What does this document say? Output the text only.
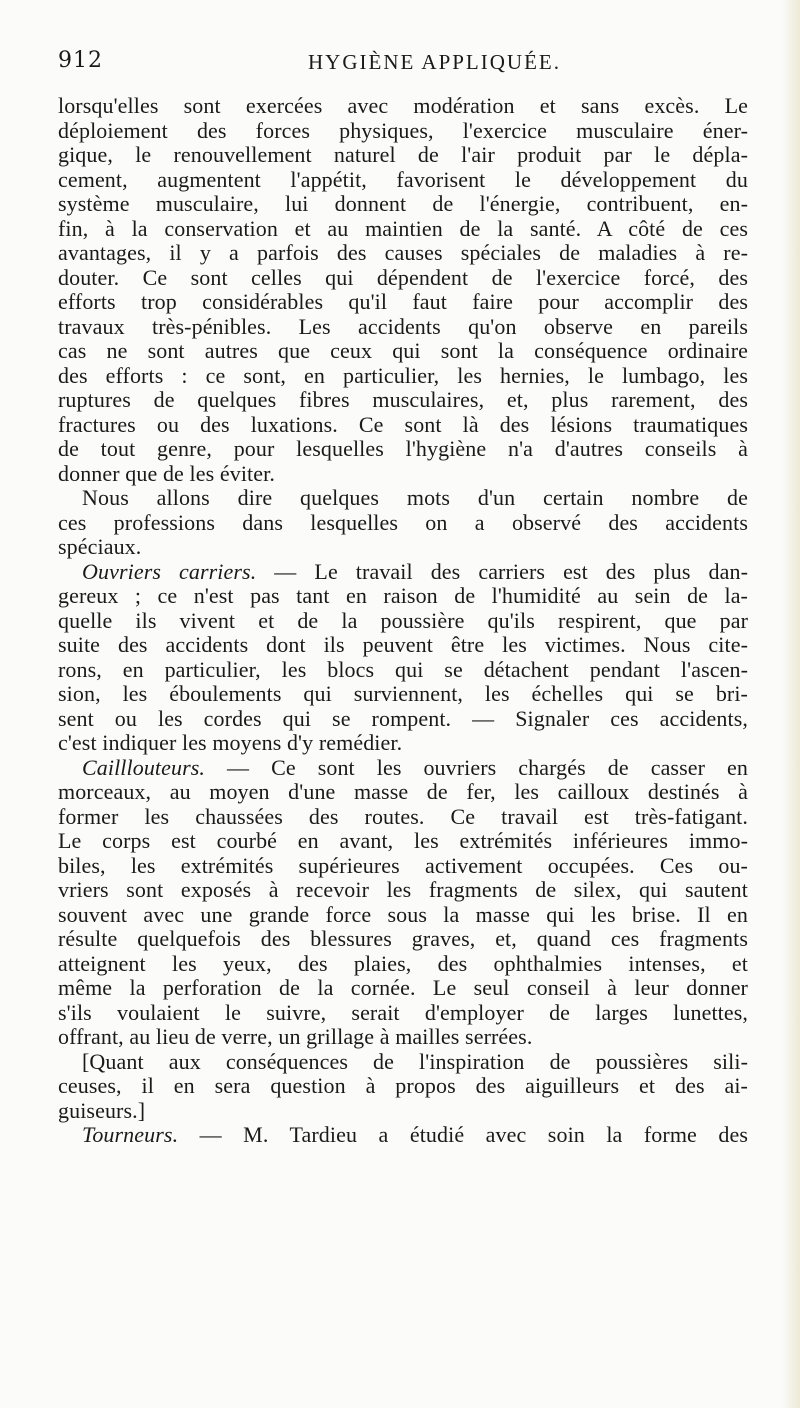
912	HYGIÈNE APPLIQUÉE.
lorsqu'elles sont exercées avec modération et sans excès. Le
déploiement des forces physiques, l'exercice musculaire éner-
gique, le renouvellement naturel de l'air produit par le dépla-
cement, augmentent l'appétit, favorisent le développement du
système musculaire, lui donnent de l'énergie, contribuent, en-
fin, à la conservation et au maintien de la santé. A côté de ces
avantages, il y a parfois des causes spéciales de maladies à re-
douter. Ce sont celles qui dépendent de l'exercice forcé, des
efforts trop considérables qu'il faut faire pour accomplir des
travaux très-pénibles. Les accidents qu'on observe en pareils
cas ne sont autres que ceux qui sont la conséquence ordinaire
des efforts : ce sont, en particulier, les hernies, le lumbago, les
ruptures de quelques fibres musculaires, et, plus rarement, des
fractures ou des luxations. Ce sont là des lésions traumatiques
de tout genre, pour lesquelles l'hygiène n'a d'autres conseils à
donner que de les éviter.
Nous allons dire quelques mots d'un certain nombre de
ces professions dans lesquelles on a observé des accidents
spéciaux.
Ouvriers carriers. — Le travail des carriers est des plus dan-
gereux ; ce n'est pas tant en raison de l'humidité au sein de la-
quelle ils vivent et de la poussière qu'ils respirent, que par
suite des accidents dont ils peuvent être les victimes. Nous cite-
rons, en particulier, les blocs qui se détachent pendant l'ascen-
sion, les éboulements qui surviennent, les échelles qui se bri-
sent ou les cordes qui se rompent. — Signaler ces accidents,
c'est indiquer les moyens d'y remédier.
Cailllouteurs. — Ce sont les ouvriers chargés de casser en
morceaux, au moyen d'une masse de fer, les cailloux destinés à
former les chaussées des routes. Ce travail est très-fatigant.
Le corps est courbé en avant, les extrémités inférieures immo-
biles, les extrémités supérieures activement occupées. Ces ou-
vriers sont exposés à recevoir les fragments de silex, qui sautent
souvent avec une grande force sous la masse qui les brise. Il en
résulte quelquefois des blessures graves, et, quand ces fragments
atteignent les yeux, des plaies, des ophthalmies intenses, et
même la perforation de la cornée. Le seul conseil à leur donner
s'ils voulaient le suivre, serait d'employer de larges lunettes,
offrant, au lieu de verre, un grillage à mailles serrées.
[Quant aux conséquences de l'inspiration de poussières sili-
ceuses, il en sera question à propos des aiguilleurs et des ai-
guiseurs.]
Tourneurs. — M. Tardieu a étudié avec soin la forme des
